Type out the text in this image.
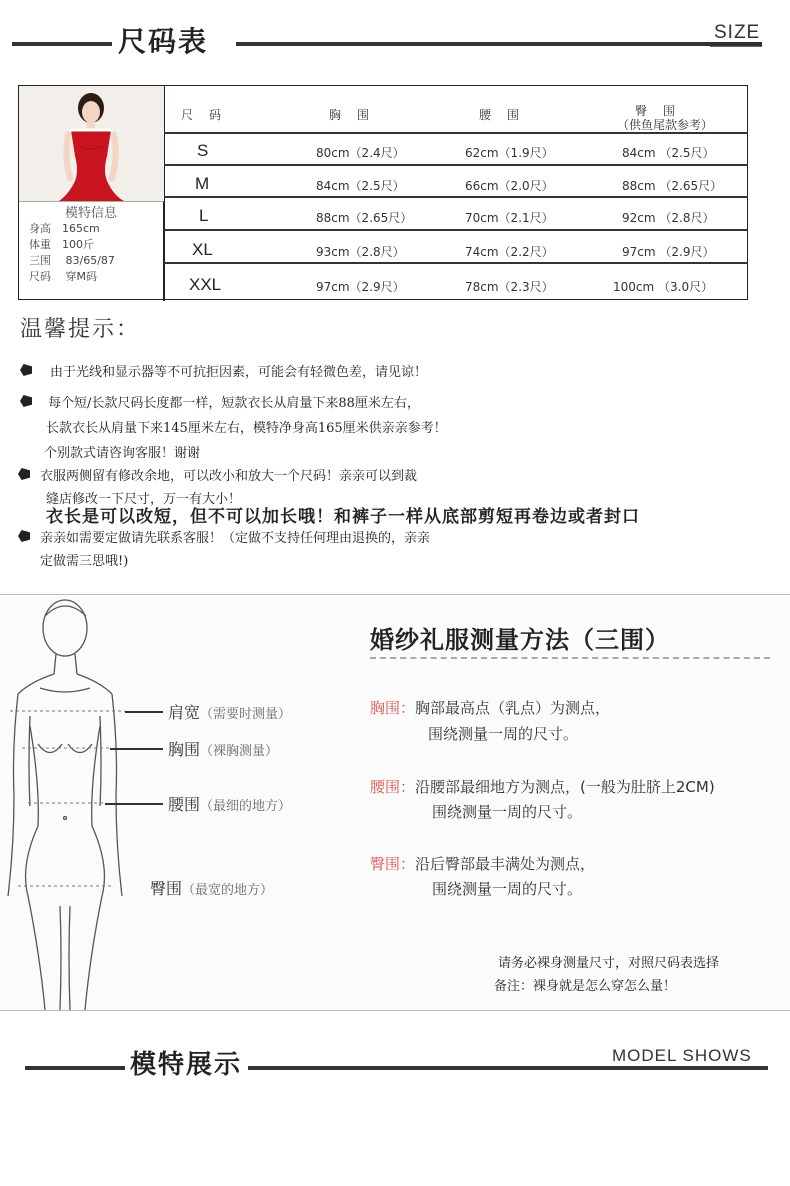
尺码表	SIZE
模特信息
身高　165cm
体重　100斤
三围　 83/65/87
尺码　 穿M码
尺　码	胸　围	腰　围	臀　围
（供鱼尾款参考）
S	80cm（2.4尺）	62cm（1.9尺）	84cm （2.5尺）
M	84cm（2.5尺）	66cm（2.0尺）	88cm （2.65尺）
L	88cm（2.65尺）	70cm（2.1尺）	92cm （2.8尺）
XL	93cm（2.8尺）	74cm（2.2尺）	97cm （2.9尺）
XXL	97cm（2.9尺）	78cm（2.3尺）	100cm （3.0尺）
温馨提示：
由于光线和显示器等不可抗拒因素，可能会有轻微色差，请见谅！
每个短/长款尺码长度都一样，短款衣长从肩量下来88厘米左右，
长款衣长从肩量下来145厘米左右，模特净身高165厘米供亲亲参考！
个别款式请咨询客服！谢谢
衣服两侧留有修改余地，可以改小和放大一个尺码！亲亲可以到裁
缝店修改一下尺寸，万一有大小！
衣长是可以改短，但不可以加长哦！和裤子一样从底部剪短再卷边或者封口
亲亲如需要定做请先联系客服！（定做不支持任何理由退换的，亲亲
定做需三思哦!)
肩宽（需要时测量）
胸围（裸胸测量）
腰围（最细的地方）
臀围（最宽的地方）
婚纱礼服测量方法（三围）
胸围：胸部最高点（乳点）为测点，
围绕测量一周的尺寸。
腰围：沿腰部最细地方为测点，(一般为肚脐上2CM)
围绕测量一周的尺寸。
臀围：沿后臀部最丰满处为测点，
围绕测量一周的尺寸。
请务必裸身测量尺寸，对照尺码表选择
备注：裸身就是怎么穿怎么量！
模特展示	MODEL SHOWS
